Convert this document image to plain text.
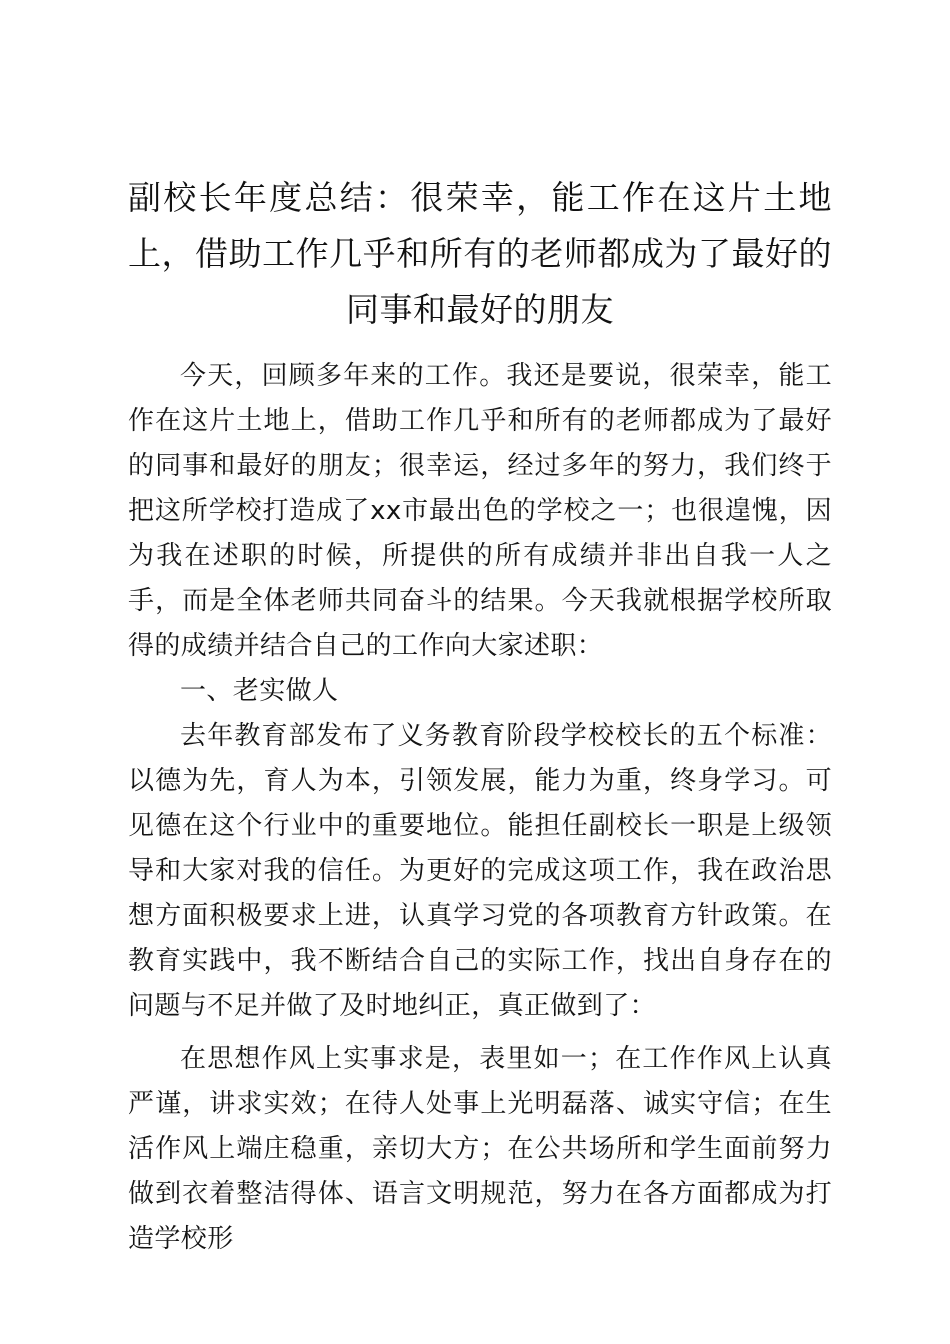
副校长年度总结：很荣幸，能工作在这片土地上，借助工作几乎和所有的老师都成为了最好的同事和最好的朋友

今天，回顾多年来的工作。我还是要说，很荣幸，能工作在这片土地上，借助工作几乎和所有的老师都成为了最好的同事和最好的朋友；很幸运，经过多年的努力，我们终于把这所学校打造成了xx市最出色的学校之一；也很遑愧，因为我在述职的时候，所提供的所有成绩并非出自我一人之手，而是全体老师共同奋斗的结果。今天我就根据学校所取得的成绩并结合自己的工作向大家述职：

一、老实做人

去年教育部发布了义务教育阶段学校校长的五个标准：以德为先，育人为本，引领发展，能力为重，终身学习。可见德在这个行业中的重要地位。能担任副校长一职是上级领导和大家对我的信任。为更好的完成这项工作，我在政治思想方面积极要求上进，认真学习党的各项教育方针政策。在教育实践中，我不断结合自己的实际工作，找出自身存在的问题与不足并做了及时地纠正，真正做到了：

在思想作风上实事求是，表里如一；在工作作风上认真严谨，讲求实效；在待人处事上光明磊落、诚实守信；在生活作风上端庄稳重，亲切大方；在公共场所和学生面前努力做到衣着整洁得体、语言文明规范，努力在各方面都成为打造学校形
